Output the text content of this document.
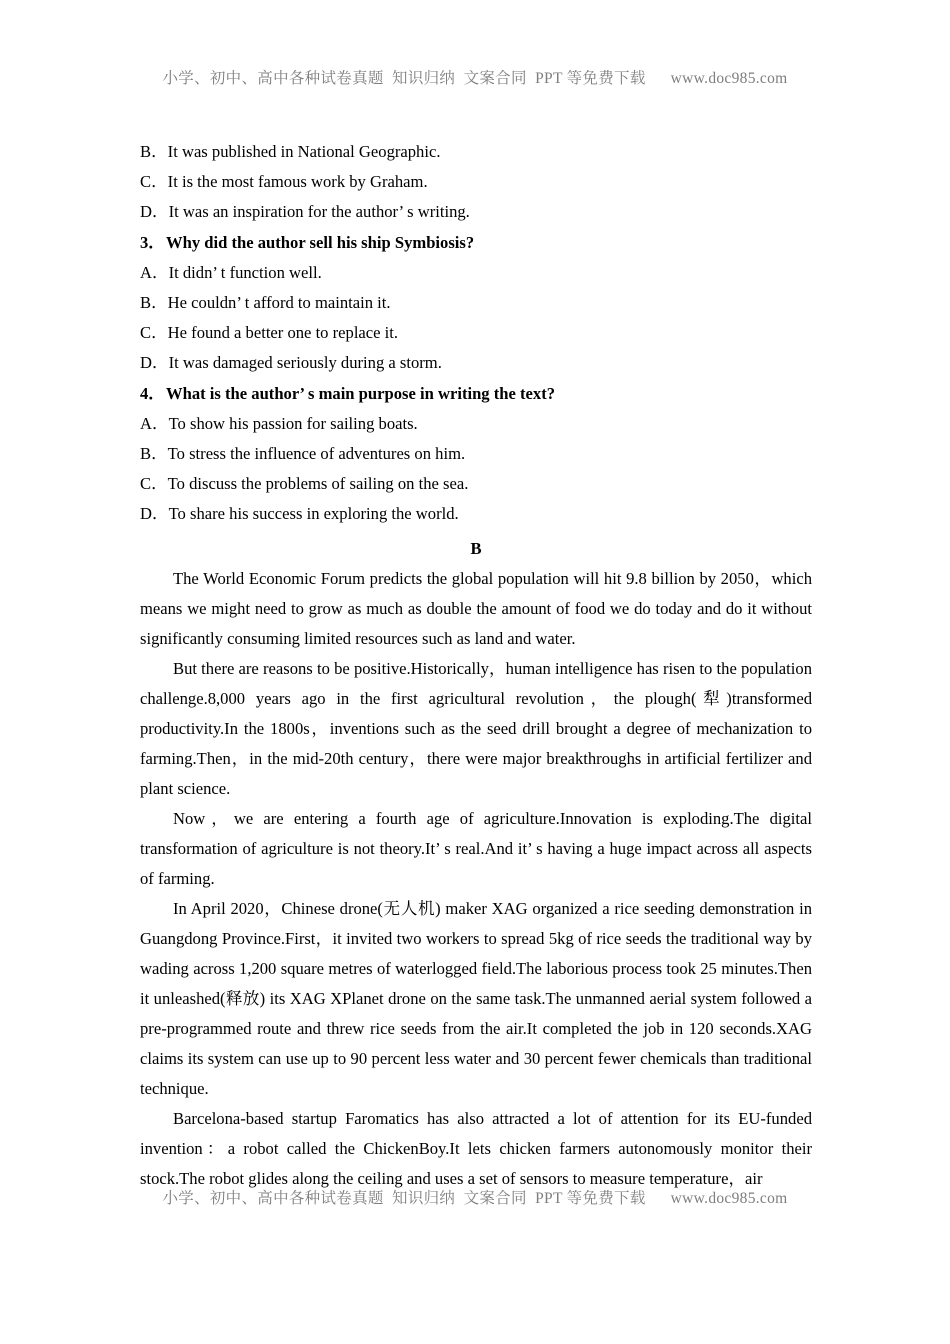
小学、初中、高中各种试卷真题  知识归纳  文案合同  PPT 等免费下载      www.doc985.com
B．It was published in National Geographic.
C．It is the most famous work by Graham.
D．It was an inspiration for the author’ s writing.
3．Why did the author sell his ship Symbiosis?
A．It didn’ t function well.
B．He couldn’ t afford to maintain it.
C．He found a better one to replace it.
D．It was damaged seriously during a storm.
4．What is the author’ s main purpose in writing the text?
A．To show his passion for sailing boats.
B．To stress the influence of adventures on him.
C．To discuss the problems of sailing on the sea.
D．To share his success in exploring the world.
B

The World Economic Forum predicts the global population will hit 9.8 billion by 2050，which means we might need to grow as much as double the amount of food we do today and do it without significantly consuming limited resources such as land and water.

But there are reasons to be positive.Historically，human intelligence has risen to the population challenge.8,000 years ago in the first agricultural revolution，the plough(犁)transformed productivity.In the 1800s，inventions such as the seed drill brought a degree of mechanization to farming.Then，in the mid-20th century，there were major breakthroughs in artificial fertilizer and plant science.

Now，we are entering a fourth age of agriculture.Innovation is exploding.The digital transformation of agriculture is not theory.It’ s real.And it’ s having a huge impact across all aspects of farming.

In April 2020，Chinese drone(无人机) maker XAG organized a rice seeding demonstration in Guangdong Province.First，it invited two workers to spread 5kg of rice seeds the traditional way by wading across 1,200 square metres of waterlogged field.The laborious process took 25 minutes.Then it unleashed(释放) its XAG XPlanet drone on the same task.The unmanned aerial system followed a pre-programmed route and threw rice seeds from the air.It completed the job in 120 seconds.XAG claims its system can use up to 90 percent less water and 30 percent fewer chemicals than traditional technique.

Barcelona-based startup Faromatics has also attracted a lot of attention for its EU-funded invention：a robot called the ChickenBoy.It lets chicken farmers autonomously monitor their stock.The robot glides along the ceiling and uses a set of sensors to measure temperature，air

小学、初中、高中各种试卷真题  知识归纳  文案合同  PPT 等免费下载      www.doc985.com
